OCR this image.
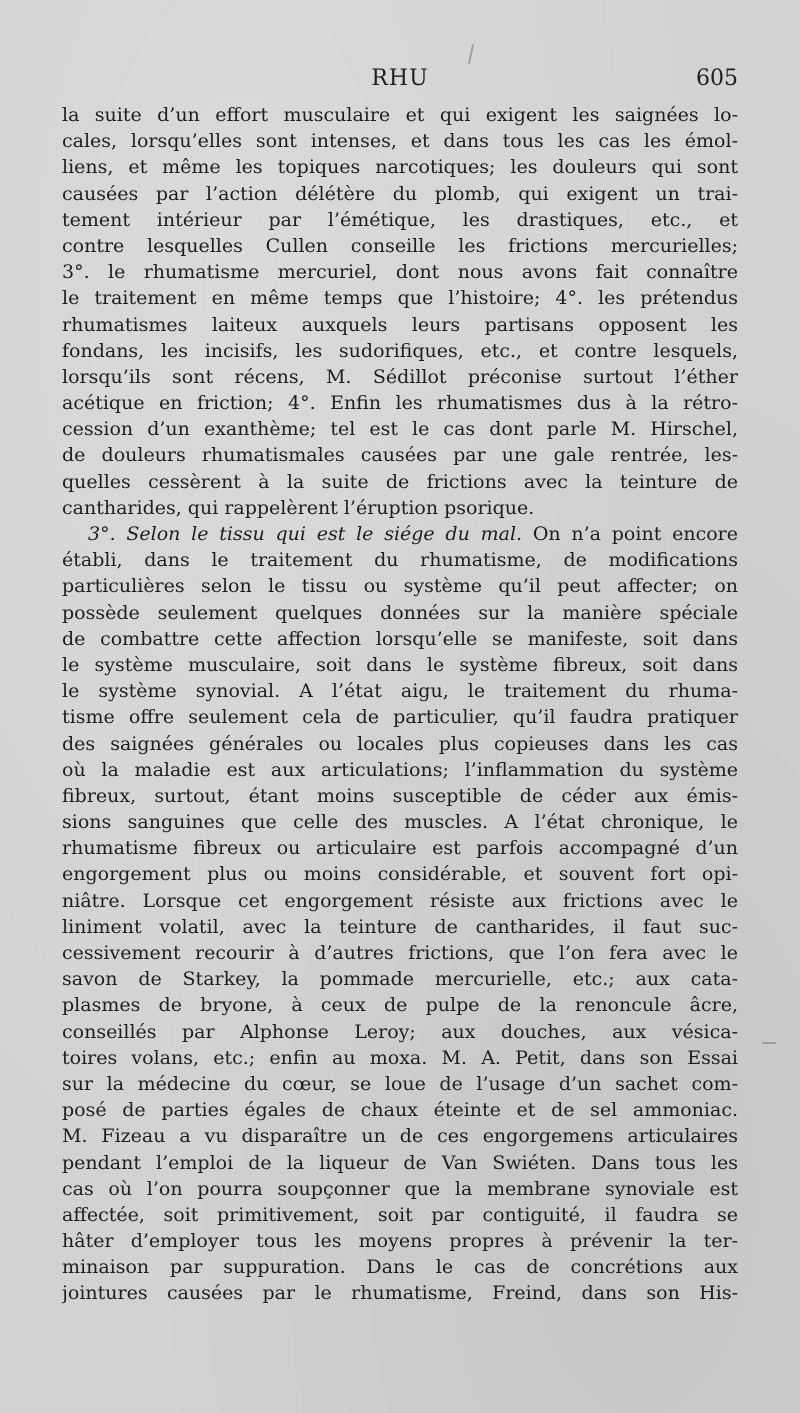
RHU	605
la suite d’un effort musculaire et qui exigent les saignées lo-
cales, lorsqu’elles sont intenses, et dans tous les cas les émol-
liens, et même les topiques narcotiques; les douleurs qui sont
causées par l’action délétère du plomb, qui exigent un trai-
tement intérieur par l’émétique, les drastiques, etc., et
contre lesquelles Cullen conseille les frictions mercurielles;
3°. le rhumatisme mercuriel, dont nous avons fait connaître
le traitement en même temps que l’histoire; 4°. les prétendus
rhumatismes laiteux auxquels leurs partisans opposent les
fondans, les incisifs, les sudorifiques, etc., et contre lesquels,
lorsqu’ils sont récens, M. Sédillot préconise surtout l’éther
acétique en friction; 4°. Enfin les rhumatismes dus à la rétro-
cession d’un exanthème; tel est le cas dont parle M. Hirschel,
de douleurs rhumatismales causées par une gale rentrée, les-
quelles cessèrent à la suite de frictions avec la teinture de
cantharides, qui rappelèrent l’éruption psorique.
3°. Selon le tissu qui est le siége du mal. On n’a point encore
établi, dans le traitement du rhumatisme, de modifications
particulières selon le tissu ou système qu’il peut affecter; on
possède seulement quelques données sur la manière spéciale
de combattre cette affection lorsqu’elle se manifeste, soit dans
le système musculaire, soit dans le système fibreux, soit dans
le système synovial. A l’état aigu, le traitement du rhuma-
tisme offre seulement cela de particulier, qu’il faudra pratiquer
des saignées générales ou locales plus copieuses dans les cas
où la maladie est aux articulations; l’inflammation du système
fibreux, surtout, étant moins susceptible de céder aux émis-
sions sanguines que celle des muscles. A l’état chronique, le
rhumatisme fibreux ou articulaire est parfois accompagné d’un
engorgement plus ou moins considérable, et souvent fort opi-
niâtre. Lorsque cet engorgement résiste aux frictions avec le
liniment volatil, avec la teinture de cantharides, il faut suc-
cessivement recourir à d’autres frictions, que l’on fera avec le
savon de Starkey, la pommade mercurielle, etc.; aux cata-
plasmes de bryone, à ceux de pulpe de la renoncule âcre,
conseillés par Alphonse Leroy; aux douches, aux vésica-
toires volans, etc.; enfin au moxa. M. A. Petit, dans son Essai
sur la médecine du cœur, se loue de l’usage d’un sachet com-
posé de parties égales de chaux éteinte et de sel ammoniac.
M. Fizeau a vu disparaître un de ces engorgemens articulaires
pendant l’emploi de la liqueur de Van Swiéten. Dans tous les
cas où l’on pourra soupçonner que la membrane synoviale est
affectée, soit primitivement, soit par contiguité, il faudra se
hâter d’employer tous les moyens propres à prévenir la ter-
minaison par suppuration. Dans le cas de concrétions aux
jointures causées par le rhumatisme, Freind, dans son His-
